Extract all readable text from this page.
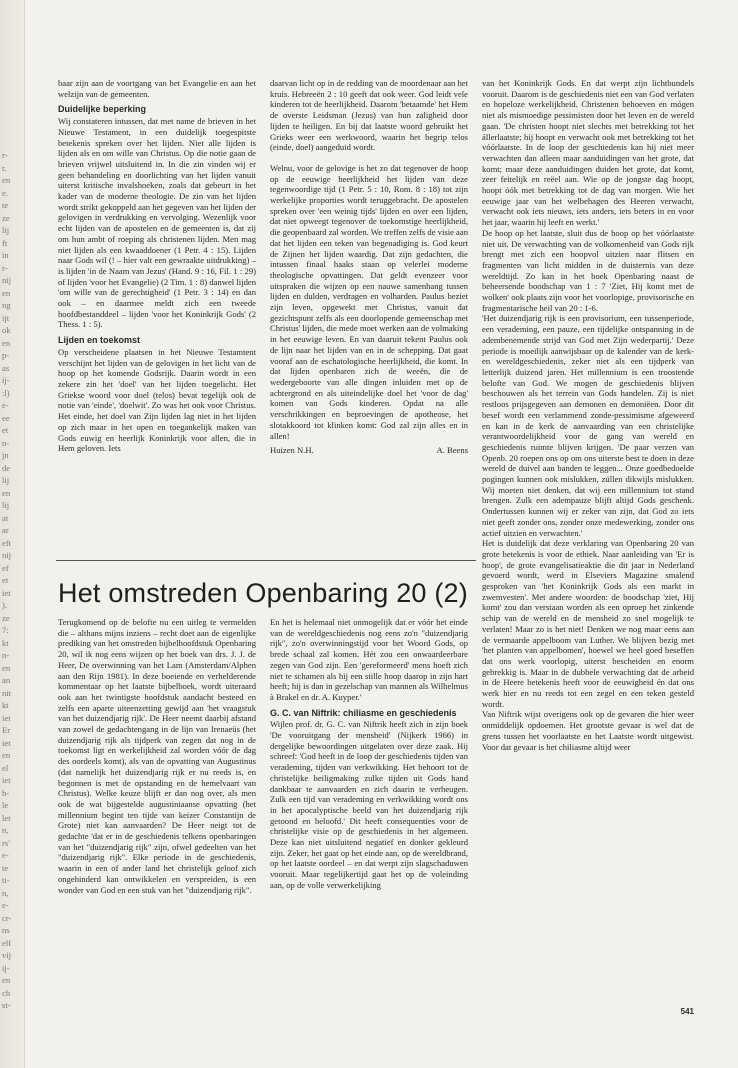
r-
r.
en
e.
te
ze
lij
ft
in
r-
nij
en
ng
ijt
ok
en
p-
as
ij-
:l)
e-
ee
et
n-
jn
de
lij
en
lij
at
ar
eft
nij
ef
et
iet
).
ze
7:
kt
n-
en
an
nit
kt
iet
Er
iet
en
el
iet
h-
le
let
n,
rs'
e-
te
ti-
n,
e-
cr-
ns
elf
vij
ij-
en
ch
st-

baar zijn aan de voortgang van het Evangelie en aan het welzijn van de gemeenten.

Duidelijke beperking

Wij constateren intussen, dat met name de brieven in het Nieuwe Testament, in een duidelijk toegespitste betekenis spreken over het lijden. Niet alle lijden is lijden als en om wille van Christus. Op die notie gaan de brieven vrijwel uitsluitend in. In die zin vinden wij er geen behandeling en doorlichting van het lijden vanuit uiterst kritische invalshoeken, zoals dat gebeurt in het kader van de moderne theologie. De zin van het lijden wordt strikt gekoppeld aan het gegeven van het lijden der gelovigen in verdrukking en vervolging. Wezenlijk voor echt lijden van de apostelen en de gemeenten is, dat zij om hun ambt of roeping als christenen lijden. Men mag niet lijden als een kwaaddoener (1 Petr. 4 : 15). Lijden naar Gods wil (! – hier valt een gewraakte uitdrukking) – is lijden 'in de Naam van Jezus' (Hand. 9 : 16, Fil. 1 : 29) of lijden 'voor het Evangelie) (2 Tim. 1 : 8) danwel lijden 'om wille van de gerechtigheid' (1 Petr. 3 : 14) en dan ook – en daarmee meldt zich een tweede hoofdbestanddeel – lijden 'voor het Koninkrijk Gods' (2 Thess. 1 : 5).

Lijden en toekomst

Op verscheidene plaatsen in het Nieuwe Testamtent verschijnt het lijden van de gelovigen in het licht van de hoop op het komende Godsrijk. Daarin wordt in een zekere zin het 'doel' van het lijden toegelicht. Het Griekse woord voor doel (telos) bevat tegelijk ook de notie van 'einde', 'doelwit'. Zo was het ook voor Christus. Het einde, het doel van Zijn lijden lag niet in het lijden op zich maar in het open en toegankelijk maken van Gods euwig en heerlijk Koninkrijk voor allen, die in Hem geloven. Iets

daarvan licht op in de redding van de moordenaar aan het kruis. Hebreeën 2 : 10 geeft dat ook weer. God leidt vele kinderen tot de heerlijkheid. Daarom 'betaamde' het Hem de overste Leidsman (Jezus) van hun zaligheid door lijden te heiligen. En bij dat laatste woord gebruikt het Grieks weer een werkwoord, waarin het begrip telos (einde, doel) aangeduid wordt.

Welnu, voor de gelovige is het zo dat tegenover de hoop op de eeuwige heerlijkheid het lijden van deze tegenwoordige tijd (1 Petr. 5 : 10, Rom. 8 : 18) tot zijn werkelijke proporties wordt teruggebracht. De apostelen spreken over 'een weinig tijds' lijden en over een lijden, dat niet opweegt tegenover de toekomstige heerlijkheid, die geopenbaard zal worden. We treffen zelfs de visie aan dat het lijden een teken van begenadiging is. God keurt de Zijnen het lijden waardig. Dat zijn gedachten, die intussen finaal haaks staan op velerlei moderne theologische opvattingen. Dat geldt evenzeer voor uitspraken die wijzen op een nauwe samenhang tussen lijden en dulden, verdragen en volharden. Paulus beziet zijn leven, opgewekt met Christus, vanuit dat gezichtspunt zelfs als een doorlopende gemeenschap met Christus' lijden, die mede moet werken aan de volmaking in het eeuwige leven. En van daaruit tekent Paulus ook de lijn naar het lijden van en in de schepping. Dat gaat vooraf aan de eschatologische heerlijkheid, die komt. In dat lijden openbaren zich de weeën, die de wedergeboorte van alle dingen inluiden met op de achtergrond en als uiteindelijke doel het 'voor de dag' komen van Gods kinderen. Opdat na alle verschrikkingen en beproevingen de apotheose, het slotakkoord tot klinken komt: God zal zijn alles en in allen!

Huizen N.H.	A. Beens
Het omstreden Openbaring 20 (2)

Terugkomend op de belofte nu een uitleg te vermelden die – althans mijns inziens – recht doet aan de eigenlijke prediking van het omstreden bijbelhoofdstuk Openbaring 20, wil ik nog eens wijzen op het boek van drs. J. J. de Heer, De overwinning van het Lam (Amsterdam/Alphen aan den Rijn 1981). In deze boeiende en verhelderende kommentaar op het laatste bijbelboek, wordt uiteraard ook aan het twintigste hoofdstuk aandacht besteed en zelfs een aparte uiteenzetting gewijd aan 'het vraagstuk van het duizendjarig rijk'. De Heer neemt daarbij afstand van zowel de gedachtengang in de lijn van Irenaeüs (het duizendjarig rijk als tijdperk van zegen dat nog in de toekomst ligt en werkelijkheid zal worden vóór de dag des oordeels komt), als van de opvatting van Augustinus (dat namelijk het duizendjarig rijk er nu reeds is, en begonnen is met de opstanding en de hemelvaart van Christus). Welke keuze blijft er dan nog over, als men ook de wat bijgestelde augustiniaanse opvatting (het millennium begint ten tijde van keizer Constantijn de Grote) niet kan aanvaarden? De Heer neigt tot de gedachte 'dat er in de geschiedenis telkens openbaringen van het "duizendjarig rijk" zijn, ofwel gedeelten van het "duizendjarig rijk". Elke periode in de geschiedenis, waarin in een of ander land het christelijk geloof zich ongehinderd kan ontwikkelen en verspreiden, is een wonder van God en een stuk van het "duizendjarig rijk".

En het is helemaal niet onmogelijk dat er vóór het einde van de wereldgeschiedenis nog eens zo'n "duizendjarig rijk", zo'n overwinningstijd voor het Woord Gods, op brede schaal zal komen. Hét zou een onwaardeerbare zegen van God zijn. Een 'gereformeerd' mens hoeft zich niet te schamen als hij een stille hoop daarop in zijn hart heeft; hij is dan in gezelschap van mannen als Wilhelmus à Brakel en dr. A. Kuyper.'

G. C. van Niftrik: chiliasme en geschiedenis

Wijlen prof. dr. G. C. van Niftrik heeft zich in zijn boek 'De vooruitgang der mensheid' (Nijkerk 1966) in dergelijke bewoordingen uitgelaten over deze zaak. Hij schreef: 'God heeft in de loop der geschiedenis tijden van verademing, tijden van verkwikking. Het behoort tot de christelijke heiligmaking zulke tijden uit Gods hand dankbaar te aanvaarden en zich daarin te verheugen. Zulk een tijd van verademing en verkwikking wordt ons in het apocalyptische beeld van het duizendjarig rijk getoond en beloofd.' Dit heeft consequenties voor de christelijke visie op de geschiedenis in het algemeen. Deze kan niet uitsluitend negatief en donker gekleurd zijn. Zeker, het gaat op het einde aan, op de wereldbrand, op het laatste oordeel – en dat werpt zijn slagschaduwen vooruit. Maar tegelijkertijd gaat het op de voleinding aan, op de volle verwerkelijking

van het Koninkrijk Gods. En dat werpt zijn lichtbundels vooruit. Daarom is de geschiedenis niet een van God verlaten en hopeloze werkelijkheid. Christenen behoeven en mógen niet als mismoedige pessimisten door het leven en de wereld gaan. 'De christen hoopt niet slechts met betrekking tot het állerlaatste; hij hoopt en verwacht ook met betrekking tot het vóórlaatste. In de loop der geschiedenis kan hij niet meer verwachten dan alleen maar aanduidingen van het grote, dat komt; maar deze aanduidingen duiden het grote, dat komt, zeer feitelijk en reëel aan. Wie op de jongste dag hoopt, hoopt óók met betrekking tot de dag van morgen. Wie het eeuwige jaar van het welbehagen des Heeren verwacht, verwacht ook iets nieuws, iets anders, iets beters in en voor het jaar, waarin hij leeft en werkt.'

De hoop op het laatste, sluit dus de hoop op het vóórlaatste niet uit. De verwachting van de volkomenheid van Gods rijk brengt met zich een hoopvol uitzien naar flitsen en fragmenten van licht midden in de duisternis van deze wereldtijd. Zo kan in het boek Openbaring naast de beheersende boodschap van 1 : 7 'Ziet, Hij komt met de wolken' ook plaats zijn voor het voorlopige, provisorische en fragmentarische heil van 20 : 1-6.

'Het duizendjarig rijk is een provisorium, een tussenperiode, een verademing, een pauze, een tijdelijke ontspanning in de adembenemende strijd van God met Zijn wederpartij.' Deze periode is moeilijk aanwijsbaar op de kalender van de kerk- en wereldgeschiedenis, zeker niet als een tijdperk van letterlijk duizend jaren. Het millennium is een troostende belofte van God. We mogen de geschiedenis blijven beschouwen als het terrein van Gods handelen. Zij is niet restloos prijsgegeven aan demonen en demoniëen. Door dit besef wordt een verlammend zonde-pessimisme afgeweerd en kan in de kerk de aanvaarding van een christelijke verantwoordelijkheid voor de gang van wereld en geschiedenis ruimte blijven krijgen. 'De paar verzen van Openb. 20 roepen ons op om ons uiterste best te doen in deze wereld de duivel aan banden te leggen... Onze goedbedoelde pogingen kunnen ook mislukken, zúllen dikwijls mislukken. Wij moeten niet denken, dat wij een millennium tot stand brengen. Zulk een adempauze blijft altijd Gods geschenk. Ondertussen kunnen wij er zeker van zijn, dat God zo iets niet geeft zonder ons, zonder onze medewerking, zonder ons actief uitzien en verwachten.'

Het is duidelijk dat deze verklaring van Openbaring 20 van grote betekenis is voor de ethiek. Naar aanleiding van 'Er is hoop', de grote evangelisatieaktie die dit jaar in Nederland gevoerd wordt, werd in Elseviers Magazine smalend gesproken van 'het Koninkrijk Gods als een markt in zwemvesten'. Met andere woorden: de boodschap 'ziet, Hij komt' zou dan verstaan worden als een oproep het zinkende schip van de wereld en de mensheid zo snel mogelijk te verlaten! Maar zo is het niet! Denken we nog maar eens aan de vermaarde appelboom van Luther. We blijven bezig met 'het planten van appelbomen', hoewel we heel goed beseffen dat ons werk voorlopig, uiterst bescheiden en enorm gebrekkig is. Maar in de dubbele verwachting dat de arbeid in de Heere betekenis heeft voor de eeuwigheid én dat ons werk hier en nu reeds tot een zegel en een teken gesteld wordt.

Van Niftrik wijst overigens ook op de gevaren die hier weer onmiddelijk opdoemen. Het grootste gevaar is wel dat de grens tussen het voorlaatste en het Laatste wordt uitgewist. Voor dat gevaar is het chiliasme altijd weer

541
